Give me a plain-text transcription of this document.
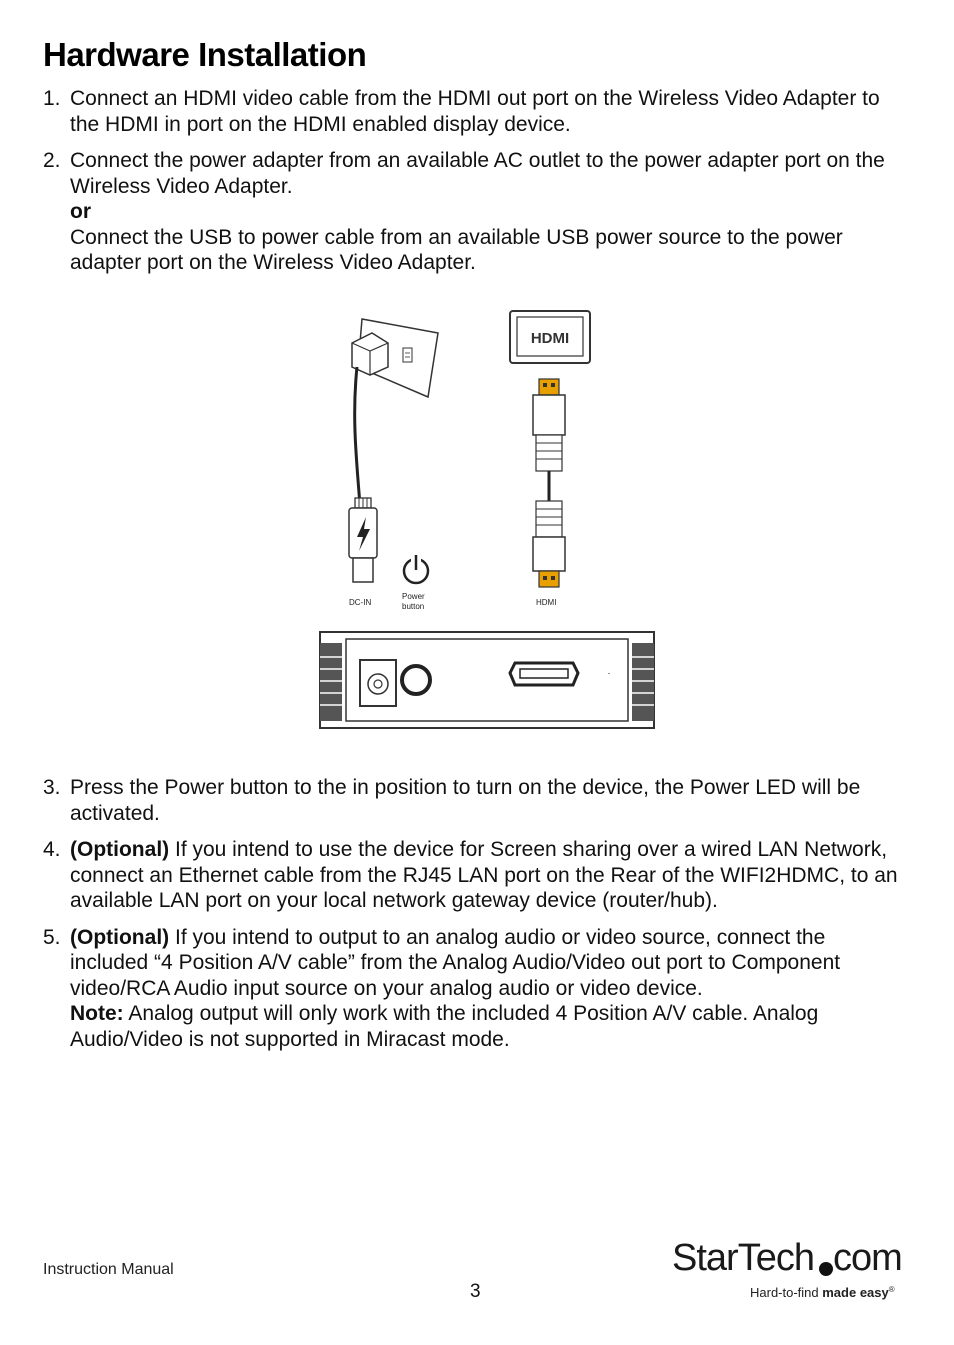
Hardware Installation
1. Connect an HDMI video cable from the HDMI out port on the Wireless Video Adapter to the HDMI in port on the HDMI enabled display device.

2. Connect the power adapter from an available AC outlet to the power adapter port on the Wireless Video Adapter.

or

Connect the USB to power cable from an available USB power source to the power adapter port on the Wireless Video Adapter.

DC-IN
Power
button
HDMI
HDMI
3. Press the Power button to the in position to turn on the device, the Power LED will be activated.

4. (Optional) If you intend to use the device for Screen sharing over a wired LAN Network, connect an Ethernet cable from the RJ45 LAN port on the Rear of the WIFI2HDMC, to an available LAN port on your local network gateway device (router/hub).

5. (Optional) If you intend to output to an analog audio or video source, connect the included “4 Position A/V cable” from the Analog Audio/Video out port to Component video/RCA Audio input source on your analog audio or video device.

Note: Analog output will only work with the included 4 Position A/V cable. Analog Audio/Video is not supported in Miracast mode.

Instruction Manual
3
StarTech com
Hard-to-find made easy®
